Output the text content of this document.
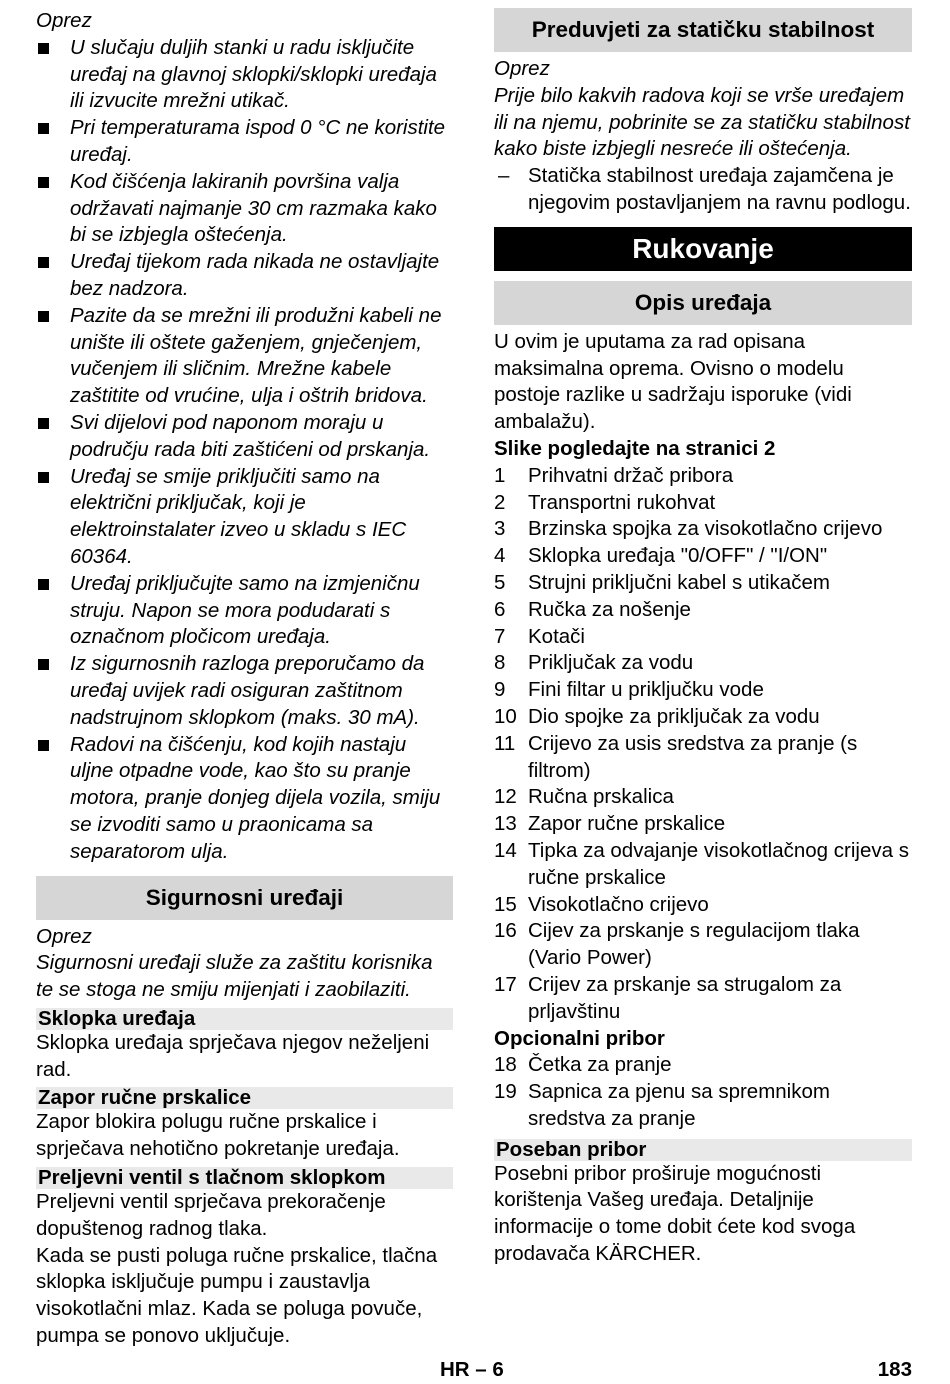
Oprez
U slučaju duljih stanki u radu isključite uređaj na glavnoj sklopki/sklopki uređaja ili izvucite mrežni utikač.
Pri temperaturama ispod 0 °C ne koristite uređaj.
Kod čišćenja lakiranih površina valja održavati najmanje 30 cm razmaka kako bi se izbjegla oštećenja.
Uređaj tijekom rada nikada ne ostavljajte bez nadzora.
Pazite da se mrežni ili produžni kabeli ne unište ili oštete gaženjem, gnječenjem, vučenjem ili sličnim. Mrežne kabele zaštitite od vrućine, ulja i oštrih bridova.
Svi dijelovi pod naponom moraju u području rada biti zaštićeni od prskanja.
Uređaj se smije priključiti samo na električni priključak, koji je elektroinstalater izveo u skladu s IEC 60364.
Uređaj priključujte samo na izmjeničnu struju. Napon se mora podudarati s označnom pločicom uređaja.
Iz sigurnosnih razloga preporučamo da uređaj uvijek radi osiguran zaštitnom nadstrujnom sklopkom (maks. 30 mA).
Radovi na čišćenju, kod kojih nastaju uljne otpadne vode, kao što su pranje motora, pranje donjeg dijela vozila, smiju se izvoditi samo u praonicama sa separatorom ulja.
Sigurnosni uređaji
Oprez
Sigurnosni uređaji služe za zaštitu korisnika te se stoga ne smiju mijenjati i zaobilaziti.
Sklopka uređaja
Sklopka uređaja sprječava njegov neželjeni rad.
Zapor ručne prskalice
Zapor blokira polugu ručne prskalice i sprječava nehotično pokretanje uređaja.
Preljevni ventil s tlačnom sklopkom
Preljevni ventil sprječava prekoračenje dopuštenog radnog tlaka.
Kada se pusti poluga ručne prskalice, tlačna sklopka isključuje pumpu i zaustavlja visokotlačni mlaz. Kada se poluga povuče, pumpa se ponovo uključuje.
Preduvjeti za statičku stabilnost
Oprez
Prije bilo kakvih radova koji se vrše uređajem ili na njemu, pobrinite se za statičku stabilnost kako biste izbjegli nesreće ili oštećenja.
– Statička stabilnost uređaja zajamčena je njegovim postavljanjem na ravnu podlogu.
Rukovanje
Opis uređaja
U ovim je uputama za rad opisana maksimalna oprema. Ovisno o modelu postoje razlike u sadržaju isporuke (vidi ambalažu).
Slike pogledajte na stranici 2
1 Prihvatni držač pribora
2 Transportni rukohvat
3 Brzinska spojka za visokotlačno crijevo
4 Sklopka uređaja "0/OFF" / "I/ON"
5 Strujni priključni kabel s utikačem
6 Ručka za nošenje
7 Kotači
8 Priključak za vodu
9 Fini filtar u priključku vode
10 Dio spojke za priključak za vodu
11 Crijevo za usis sredstva za pranje (s filtrom)
12 Ručna prskalica
13 Zapor ručne prskalice
14 Tipka za odvajanje visokotlačnog crijeva s ručne prskalice
15 Visokotlačno crijevo
16 Cijev za prskanje s regulacijom tlaka (Vario Power)
17 Crijev za prskanje sa strugalom za prljavštinu
Opcionalni pribor
18 Četka za pranje
19 Sapnica za pjenu sa spremnikom sredstva za pranje
Poseban pribor
Posebni pribor proširuje mogućnosti korištenja Vašeg uređaja. Detaljnije informacije o tome dobit ćete kod svoga prodavača KÄRCHER.
HR – 6	183
